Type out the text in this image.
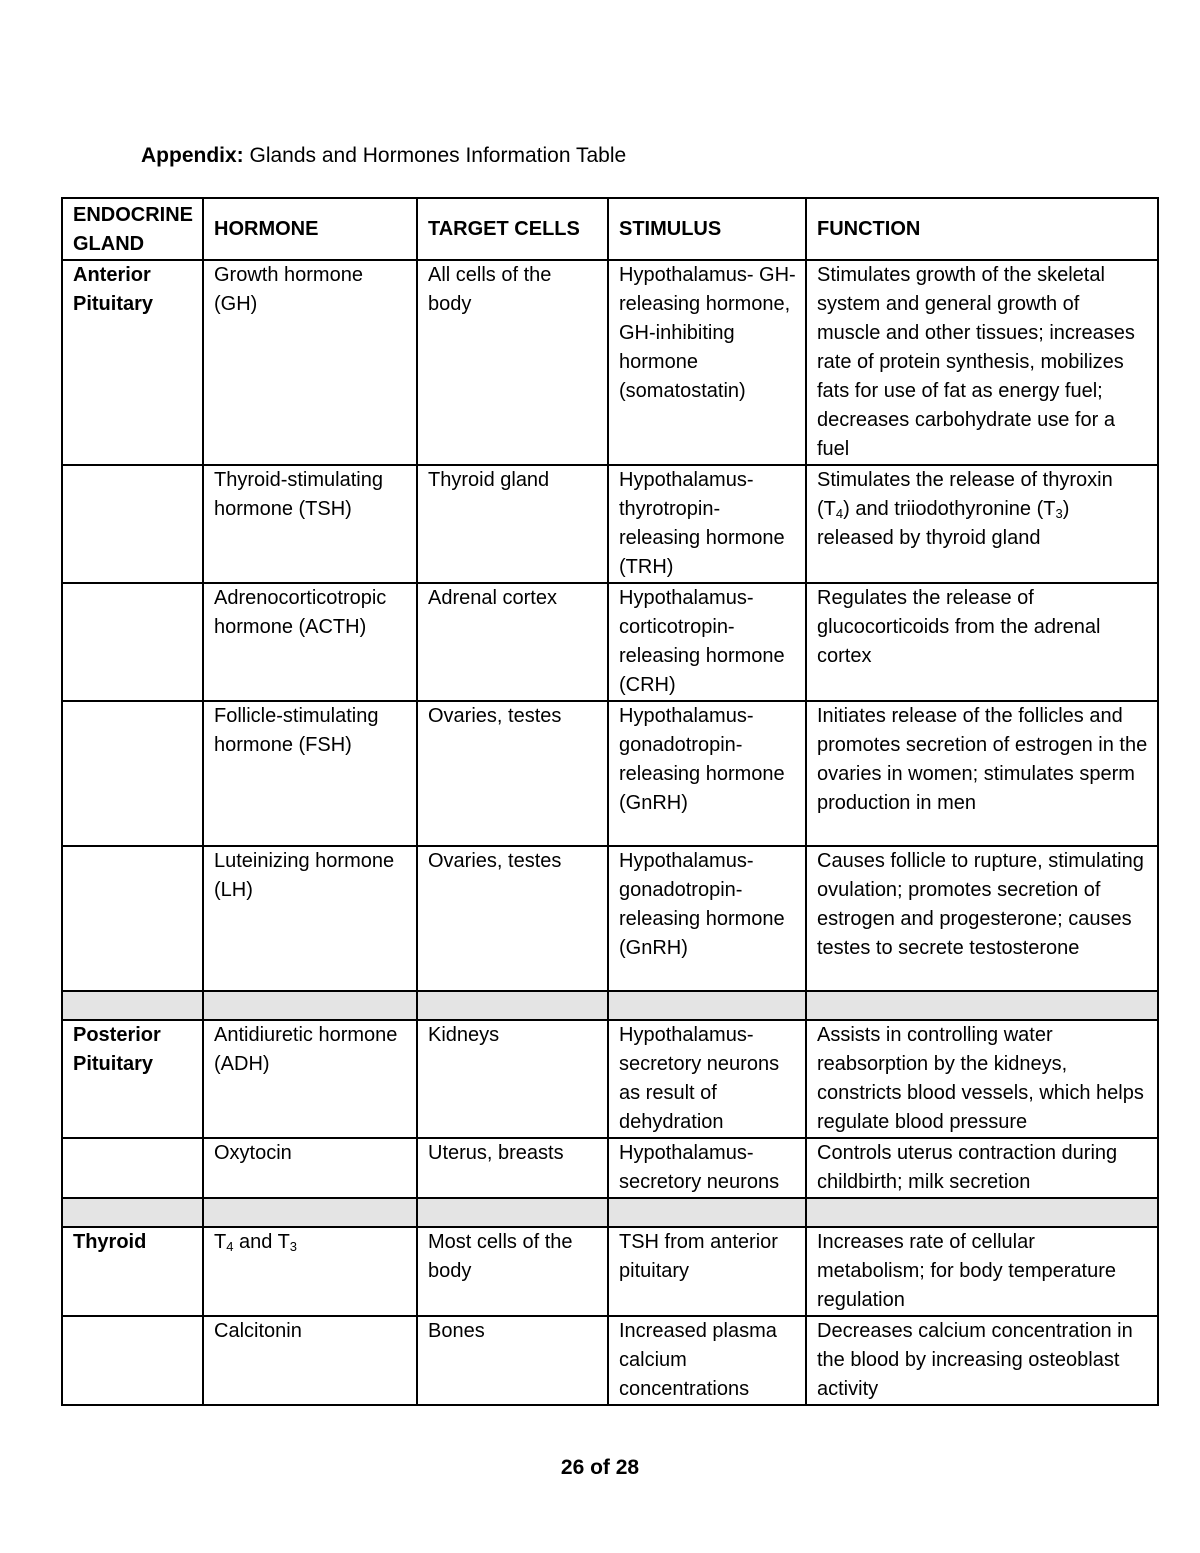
Appendix: Glands and Hormones Information Table
ENDOCRINE GLAND	HORMONE	TARGET CELLS	STIMULUS	FUNCTION
Anterior Pituitary	Growth hormone (GH)	All cells of the body	Hypothalamus- GH-releasing hormone, GH-inhibiting hormone (somatostatin)	Stimulates growth of the skeletal system and general growth of muscle and other tissues; increases rate of protein synthesis, mobilizes fats for use of fat as energy fuel; decreases carbohydrate use for a fuel
	Thyroid-stimulating hormone (TSH)	Thyroid gland	Hypothalamus- thyrotropin-releasing hormone (TRH)	Stimulates the release of thyroxin $(T_4)$ and triiodothyronine $(T_3)$ released by thyroid gland
	Adrenocorticotropic hormone (ACTH)	Adrenal cortex	Hypothalamus- corticotropin-releasing hormone (CRH)	Regulates the release of glucocorticoids from the adrenal cortex
	Follicle-stimulating hormone (FSH)	Ovaries, testes	Hypothalamus- gonadotropin-releasing hormone (GnRH)	Initiates release of the follicles and promotes secretion of estrogen in the ovaries in women; stimulates sperm production in men
	Luteinizing hormone (LH)	Ovaries, testes	Hypothalamus- gonadotropin-releasing hormone (GnRH)	Causes follicle to rupture, stimulating ovulation; promotes secretion of estrogen and progesterone; causes testes to secrete testosterone

Posterior Pituitary	Antidiuretic hormone (ADH)	Kidneys	Hypothalamus- secretory neurons as result of dehydration	Assists in controlling water reabsorption by the kidneys, constricts blood vessels, which helps regulate blood pressure
	Oxytocin	Uterus, breasts	Hypothalamus- secretory neurons	Controls uterus contraction during childbirth; milk secretion

Thyroid	$T_4$ and $T_3$	Most cells of the body	TSH from anterior pituitary	Increases rate of cellular metabolism; for body temperature regulation
	Calcitonin	Bones	Increased plasma calcium concentrations	Decreases calcium concentration in the blood by increasing osteoblast activity
26 of 28
